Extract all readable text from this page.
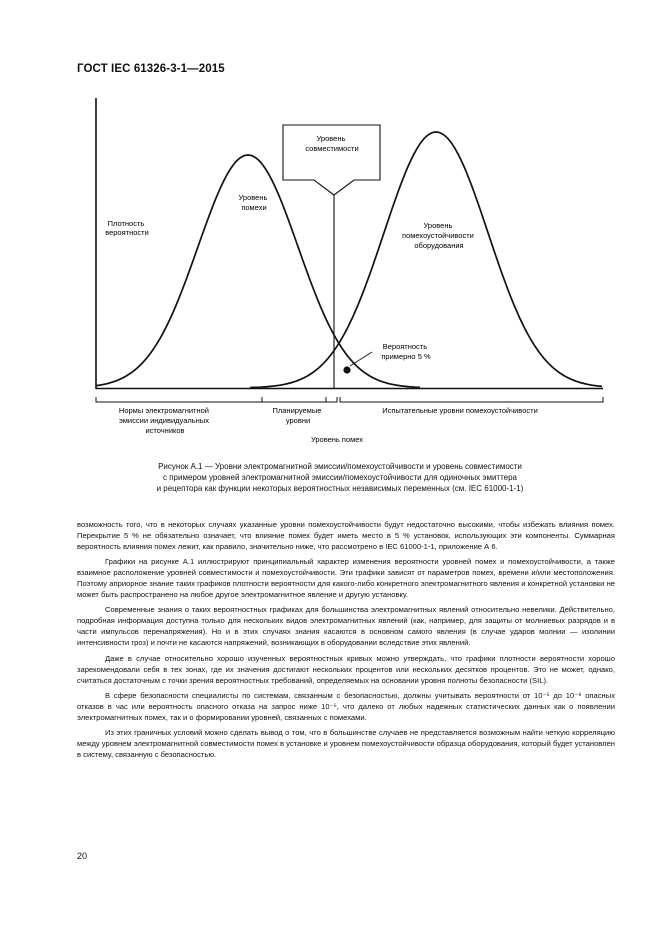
ГОСТ IEC 61326-3-1—2015
Плотность вероятности
Уровень помехи
Уровень совместимости
Уровень помехоустойчивости оборудования
Вероятность примерно 5 %
Нормы электромагнитной эмиссии индивидуальных источников
Планируемые уровни
Испытательные уровни помехоустойчивости
Уровень помех
Рисунок А.1 — Уровни электромагнитной эмиссии/помехоустойчивости и уровень совместимости
с примером уровней электромагнитной эмиссии/помехоустойчивости для одиночных эмиттера
и рецептора как функции некоторых вероятностных независимых переменных (см. IEC 61000-1-1)

возможность того, что в некоторых случаях указанные уровни помехоустойчивости будут недостаточно высокими, чтобы избежать влияния помех. Перекрытие 5 % не обязательно означает, что влияние помех будет иметь место в 5 % установок, использующих эти компоненты. Суммарная вероятность влияния помех лежит, как правило, значительно ниже, что рассмотрено в IEC 61000-1-1, приложение А 6.

Графики на рисунке А.1 иллюстрируют принципиальный характер изменения вероятности уровней помех и помехоустойчивости, а также взаимное расположение уровней совместимости и помехоустойчивости. Эти графики зависят от параметров помех, времени и/или местоположения. Поэтому априорное знание таких графиков плотности вероятности для какого-либо конкретного электромагнитного явления и конкретной установки не может быть распространено на любое другое электромагнитное явление и другую установку.

Современные знания о таких вероятностных графиках для большинства электромагнитных явлений относительно невелики. Действительно, подробная информация доступна только для нескольких видов электромагнитных явлений (как, например, для защиты от молниевых разрядов и в части импульсов перенапряжения). Но и в этих случаях знания касаются в основном самого явления (в случае ударов молнии — изолинии интенсивности гроз) и почти не касаются напряжений, возникающих в оборудовании вследствие этих явлений.

Даже в случае относительно хорошо изученных вероятностных кривых можно утверждать, что графики плотности вероятности хорошо зарекомендовали себя в тех зонах, где их значения достигают нескольких процентов или нескольких десятков процентов. Это не может, однако, считаться достаточным с точки зрения вероятностных требований, определяемых на основании уровня полноты безопасности (SIL).

В сфере безопасности специалисты по системам, связанным с безопасностью, должны учитывать вероятности от 10⁻⁵ до 10⁻⁹ опасных отказов в час или вероятность опасного отказа на запрос ниже 10⁻⁵, что далеко от любых надежных статистических данных как о появлении электромагнитных помех, так и о формировании уровней, связанных с помехами.

Из этих граничных условий можно сделать вывод о том, что в большинстве случаев не представляется возможным найти четкую корреляцию между уровнем электромагнитной совместимости помех в установке и уровнем помехоустойчивости образца оборудования, который будет установлен в систему, связанную с безопасностью.

20
